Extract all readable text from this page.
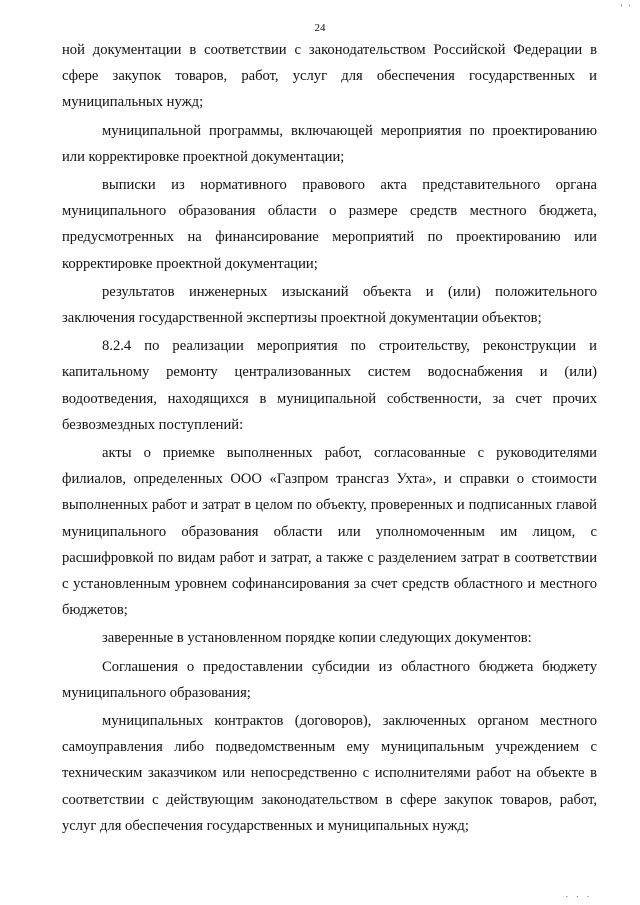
' '
24

ной документации в соответствии с законодательством Российской Федерации в сфере закупок товаров, работ, услуг для обеспечения государственных и муниципальных нужд;

муниципальной программы, включающей мероприятия по проектированию или корректировке проектной документации;

выписки из нормативного правового акта представительного органа муниципального образования области о размере средств местного бюджета, предусмотренных на финансирование мероприятий по проектированию или корректировке проектной документации;

результатов инженерных изысканий объекта и (или) положительного заключения государственной экспертизы проектной документации объектов;

8.2.4 по реализации мероприятия по строительству, реконструкции и капитальному ремонту централизованных систем водоснабжения и (или) водоотведения, находящихся в муниципальной собственности, за счет прочих безвозмездных поступлений:

акты о приемке выполненных работ, согласованные с руководителями филиалов, определенных ООО «Газпром трансгаз Ухта», и справки о стоимости выполненных работ и затрат в целом по объекту, проверенных и подписанных главой муниципального образования области или уполномоченным им лицом, с расшифровкой по видам работ и затрат, а также с разделением затрат в соответствии с установленным уровнем софинансирования за счет средств областного и местного бюджетов;

заверенные в установленном порядке копии следующих документов:

Соглашения о предоставлении субсидии из областного бюджета бюджету муниципального образования;

муниципальных контрактов (договоров), заключенных органом местного самоуправления либо подведомственным ему муниципальным учреждением с техническим заказчиком или непосредственно с исполнителями работ на объекте в соответствии с действующим законодательством в сфере закупок товаров, работ, услуг для обеспечения государственных и муниципальных нужд;

. . .
